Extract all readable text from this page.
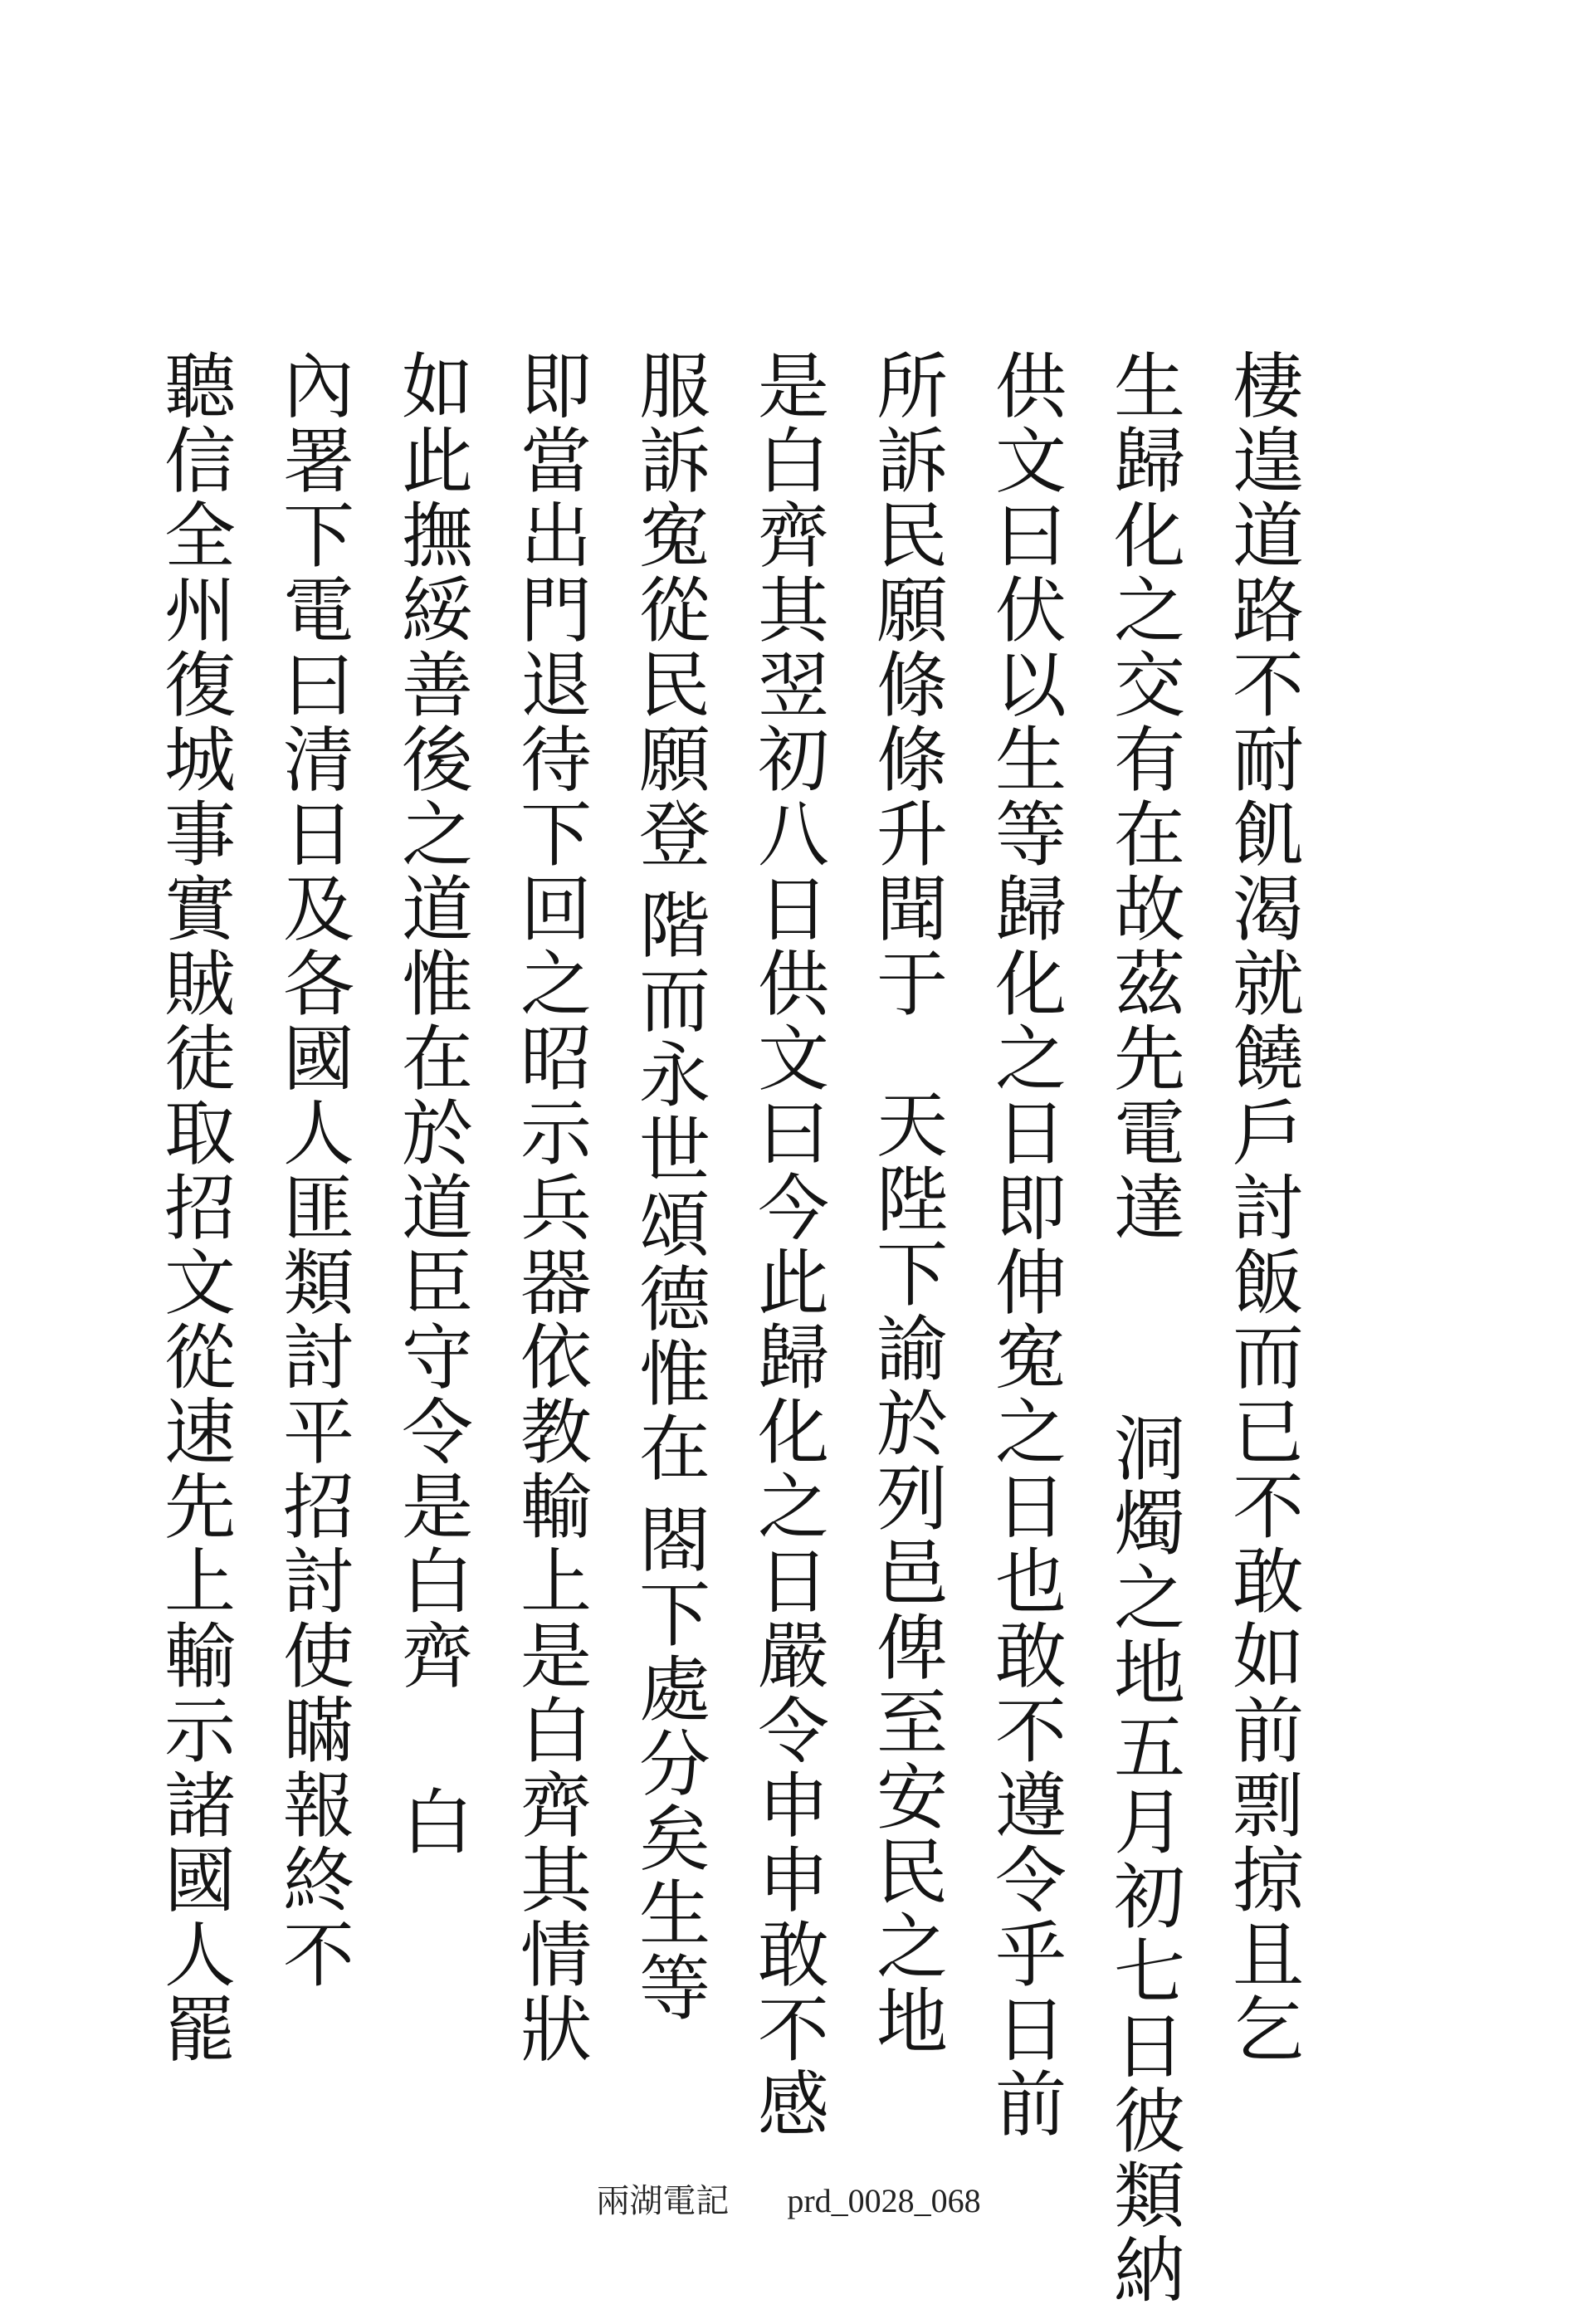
棲遑道路不耐飢渴就饒戶討飯而已不敢如前剽掠且乞
生歸化之交有在故茲先電達洞燭之地五月初七日彼類納
供文曰伏以生等歸化之日即伸寃之日也敢不遵令乎日前
所訴民願條條升聞于天陛下諭於列邑俾至安民之地
是白齊其翌初八日供文曰今此歸化之日嚴令申申敢不感
服訴寃從民願登階而永世頌德惟在閤下處分矣生等
即當出門退待下回之昭示兵器依教輸上是白齊其情狀
如此撫綏善後之道惟在於道臣守令是白齊白
內署下電曰清日及各國人匪類討平招討使瞞報終不
聽信全州復城事實賊徒取招文從速先上輸示諸國人罷
兩湖電記 prd_0028_068
